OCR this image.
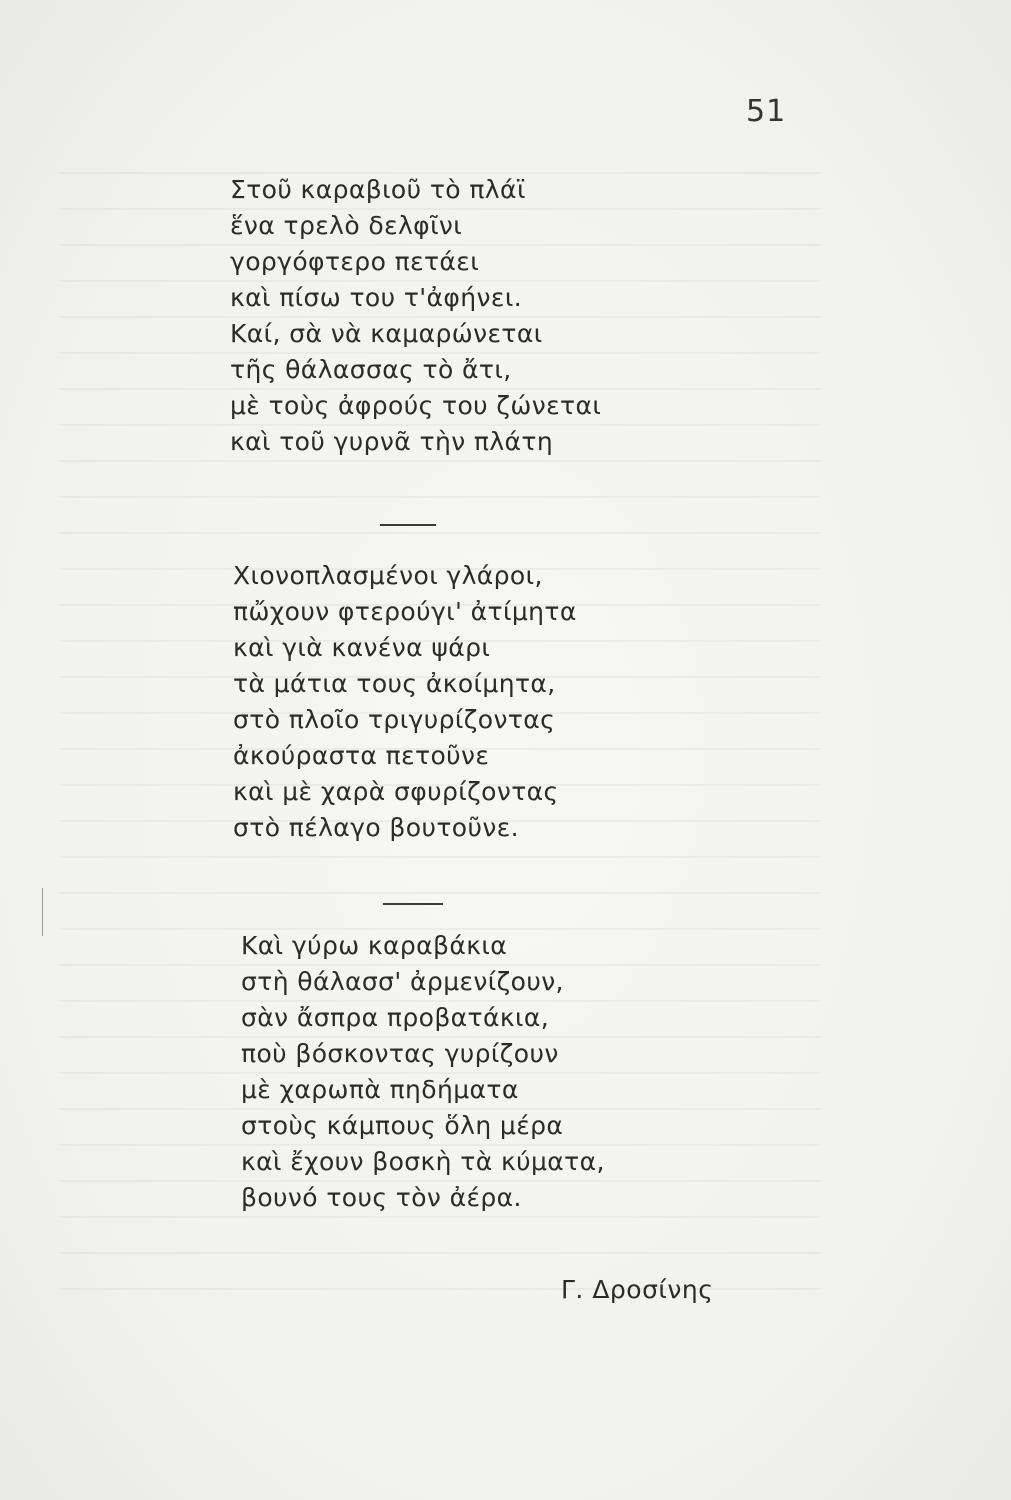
51
Στοῦ καραβιοῦ τὸ πλάϊ
ἕνα τρελὸ δελφῖνι
γοργόφτερο πετάει
καὶ πίσω του τ'ἀφήνει.
Καί, σὰ νὰ καμαρώνεται
τῆς θάλασσας τὸ ἄτι,
μὲ τοὺς ἀφρούς του ζώνεται
καὶ τοῦ γυρνᾶ τὴν πλάτη
Χιονοπλασμένοι γλάροι,
πὤχουν φτερούγι' ἀτίμητα
καὶ γιὰ κανένα ψάρι
τὰ μάτια τους ἀκοίμητα,
στὸ πλοῖο τριγυρίζοντας
ἀκούραστα πετοῦνε
καὶ μὲ χαρὰ σφυρίζοντας
στὸ πέλαγο βουτοῦνε.
Καὶ γύρω καραβάκια
στὴ θάλασσ' ἀρμενίζουν,
σὰν ἄσπρα προβατάκια,
ποὺ βόσκοντας γυρίζουν
μὲ χαρωπὰ πηδήματα
στοὺς κάμπους ὅλη μέρα
καὶ ἔχουν βοσκὴ τὰ κύματα,
βουνό τους τὸν ἀέρα.
Γ. Δροσίνης
